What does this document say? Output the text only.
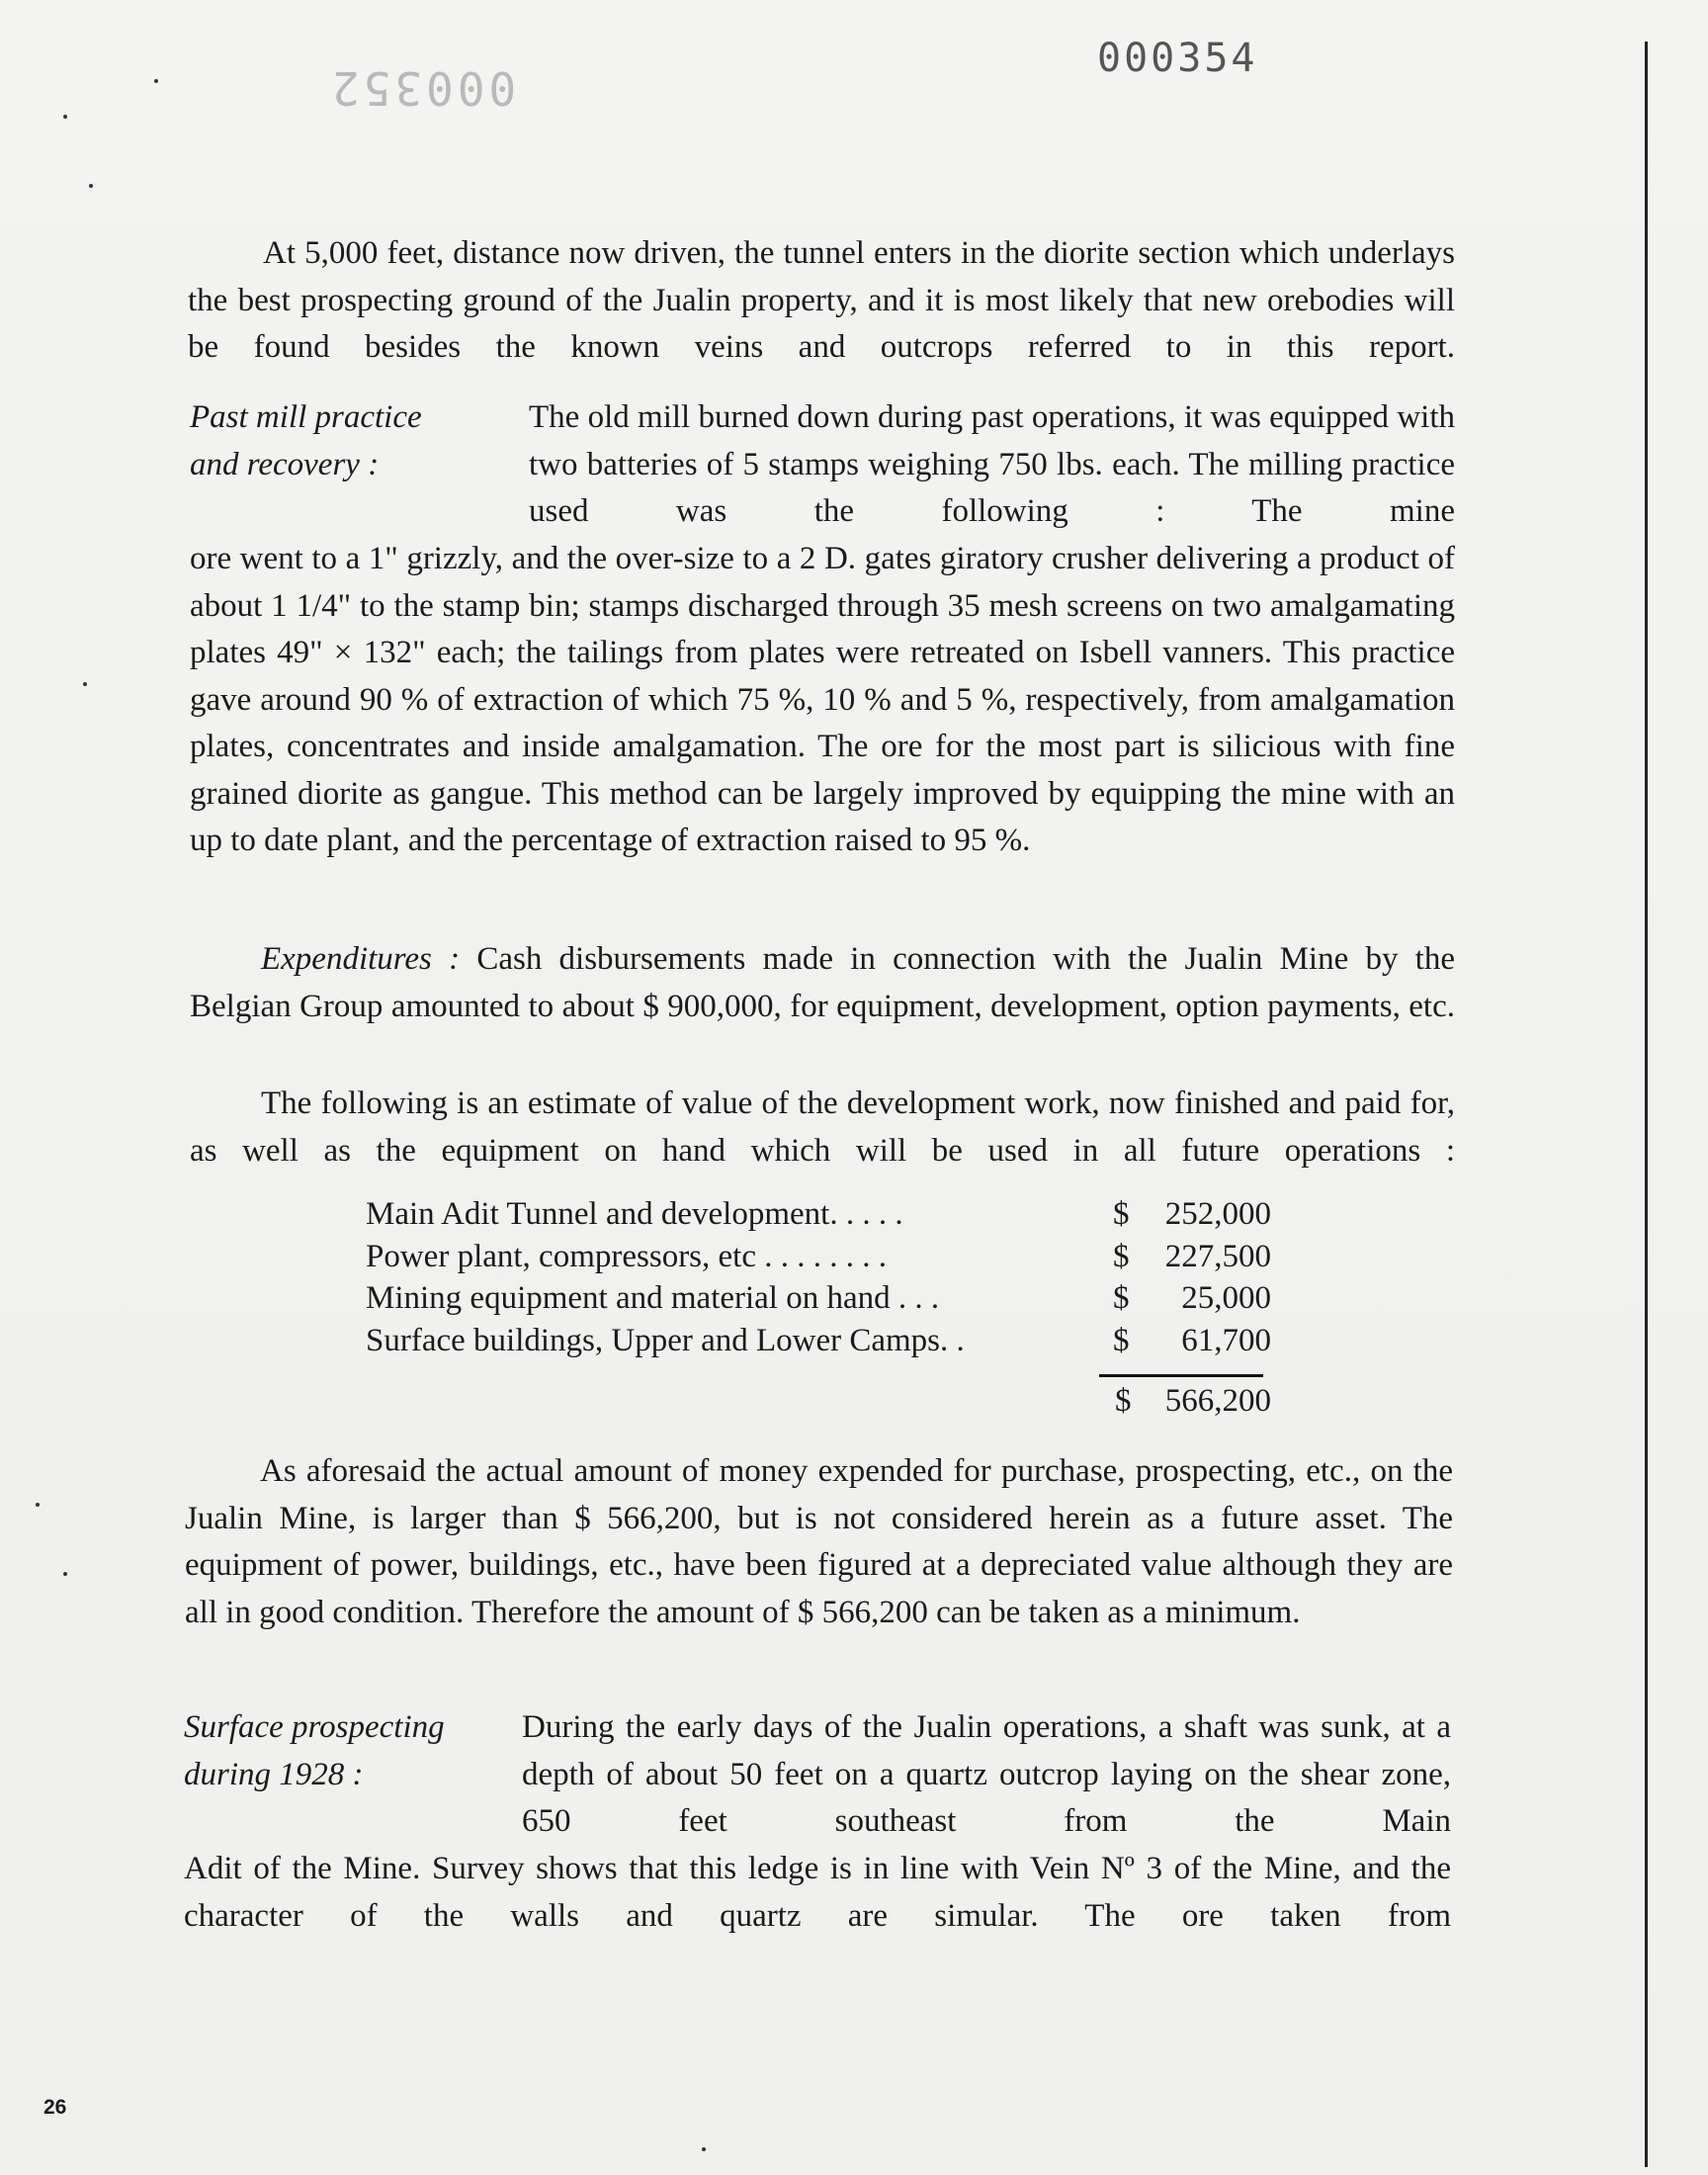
000352
000354

At 5,000 feet, distance now driven, the tunnel enters in the diorite section which underlays the best prospecting ground of the Jualin property, and it is most likely that new orebodies will be found besides the known veins and outcrops referred to in this report.

Past mill practice
and recovery :

The old mill burned down during past operations, it was equipped with two batteries of 5 stamps weighing 750 lbs. each. The milling practice used was the following : The mine

ore went to a 1" grizzly, and the over-size to a 2 D. gates giratory crusher delivering a product of about 1 1/4" to the stamp bin; stamps discharged through 35 mesh screens on two amalgamating plates 49" × 132" each; the tailings from plates were retreated on Isbell vanners. This practice gave around 90 % of extraction of which 75 %, 10 % and 5 %, respectively, from amalgamation plates, concentrates and inside amalgamation. The ore for the most part is silicious with fine grained diorite as gangue. This method can be largely improved by equipping the mine with an up to date plant, and the percentage of extraction raised to 95 %.

Expenditures : Cash disbursements made in connection with the Jualin Mine by the Belgian Group amounted to about $ 900,000, for equipment, development, option payments, etc.

The following is an estimate of value of the development work, now finished and paid for, as well as the equipment on hand which will be used in all future operations :

Main Adit Tunnel and development. . . . .	$ 252,000
Power plant, compressors, etc . . . . . . . .	$ 227,500
Mining equipment and material on hand . . .	$ 25,000
Surface buildings, Upper and Lower Camps. .	$ 61,700
$ 566,200

As aforesaid the actual amount of money expended for purchase, prospecting, etc., on the Jualin Mine, is larger than $ 566,200, but is not considered herein as a future asset. The equipment of power, buildings, etc., have been figured at a depreciated value although they are all in good condition. Therefore the amount of $ 566,200 can be taken as a minimum.

Surface prospecting
during 1928 :

During the early days of the Jualin operations, a shaft was sunk, at a depth of about 50 feet on a quartz outcrop laying on the shear zone, 650 feet southeast from the Main

Adit of the Mine. Survey shows that this ledge is in line with Vein Nº 3 of the Mine, and the character of the walls and quartz are simular. The ore taken from

26
